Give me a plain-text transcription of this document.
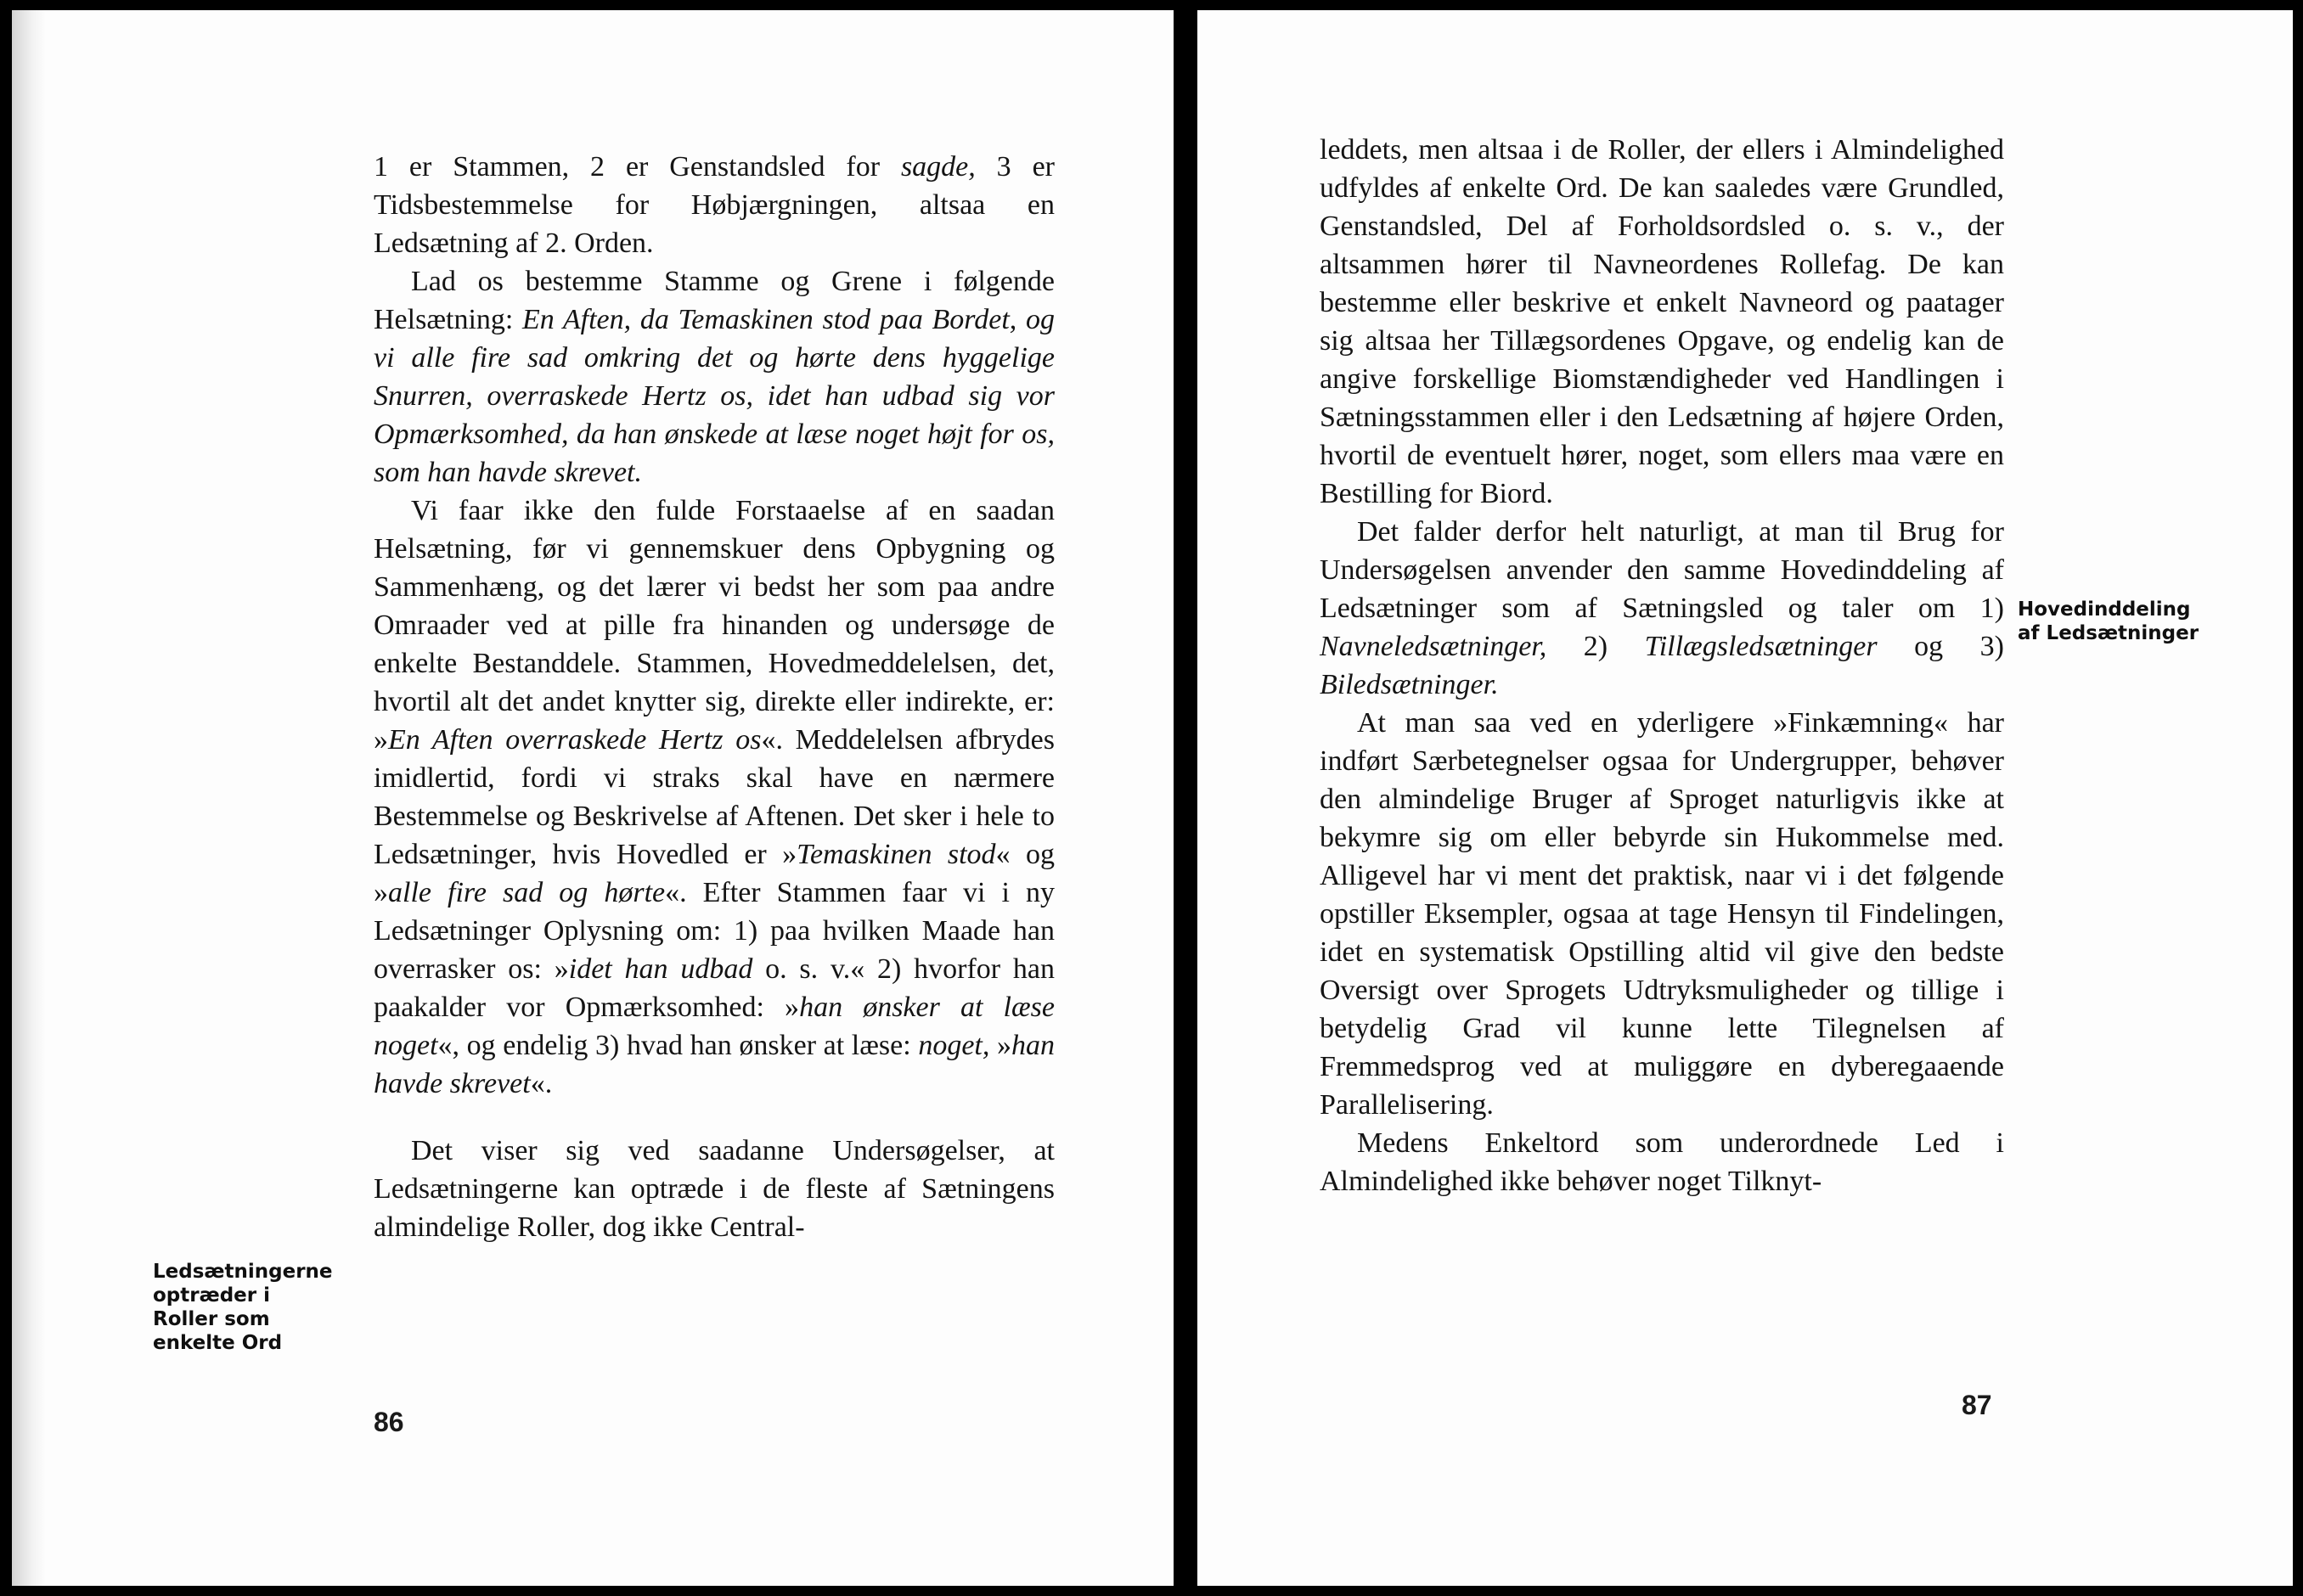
Ledsætningerne
optræder i
Roller som
enkelte Ord

1 er Stammen, 2 er Genstandsled for sagde, 3 er Tidsbestemmelse for Høbjærgningen, altsaa en Ledsætning af 2. Orden.

Lad os bestemme Stamme og Grene i følgende Helsætning: En Aften, da Temaskinen stod paa Bordet, og vi alle fire sad omkring det og hørte dens hyggelige Snurren, overraskede Hertz os, idet han udbad sig vor Opmærksomhed, da han ønskede at læse noget højt for os, som han havde skrevet.

Vi faar ikke den fulde Forstaaelse af en saadan Helsætning, før vi gennemskuer dens Opbygning og Sammenhæng, og det lærer vi bedst her som paa andre Omraader ved at pille fra hinanden og undersøge de enkelte Bestanddele. Stammen, Hovedmeddelelsen, det, hvortil alt det andet knytter sig, direkte eller indirekte, er: »En Aften overraskede Hertz os«. Meddelelsen afbrydes imidlertid, fordi vi straks skal have en nærmere Bestemmelse og Beskrivelse af Aftenen. Det sker i hele to Ledsætninger, hvis Hovedled er »Temaskinen stod« og »alle fire sad og hørte«. Efter Stammen faar vi i ny Ledsætninger Oplysning om: 1) paa hvilken Maade han overrasker os: »idet han udbad o. s. v.« 2) hvorfor han paakalder vor Opmærksomhed: »han ønsker at læse noget«, og endelig 3) hvad han ønsker at læse: noget, »han havde skrevet«.

Det viser sig ved saadanne Undersøgelser, at Ledsætningerne kan optræde i de fleste af Sætningens almindelige Roller, dog ikke Central-

86

leddets, men altsaa i de Roller, der ellers i Almindelighed udfyldes af enkelte Ord. De kan saaledes være Grundled, Genstandsled, Del af Forholdsordsled o. s. v., der altsammen hører til Navneordenes Rollefag. De kan bestemme eller beskrive et enkelt Navneord og paatager sig altsaa her Tillægsordenes Opgave, og endelig kan de angive forskellige Biomstændigheder ved Handlingen i Sætningsstammen eller i den Ledsætning af højere Orden, hvortil de eventuelt hører, noget, som ellers maa være en Bestilling for Biord.

Det falder derfor helt naturligt, at man til Brug for Undersøgelsen anvender den samme Hovedinddeling af Ledsætninger som af Sætningsled og taler om 1) Navneledsætninger, 2) Tillægsledsætninger og 3) Biledsætninger.

At man saa ved en yderligere »Finkæmning« har indført Særbetegnelser ogsaa for Undergrupper, behøver den almindelige Bruger af Sproget naturligvis ikke at bekymre sig om eller bebyrde sin Hukommelse med. Alligevel har vi ment det praktisk, naar vi i det følgende opstiller Eksempler, ogsaa at tage Hensyn til Findelingen, idet en systematisk Opstilling altid vil give den bedste Oversigt over Sprogets Udtryksmuligheder og tillige i betydelig Grad vil kunne lette Tilegnelsen af Fremmedsprog ved at muliggøre en dyberegaaende Parallelisering.

Medens Enkeltord som underordnede Led i Almindelighed ikke behøver noget Tilknyt-

Hovedinddeling
af Ledsætninger
87
